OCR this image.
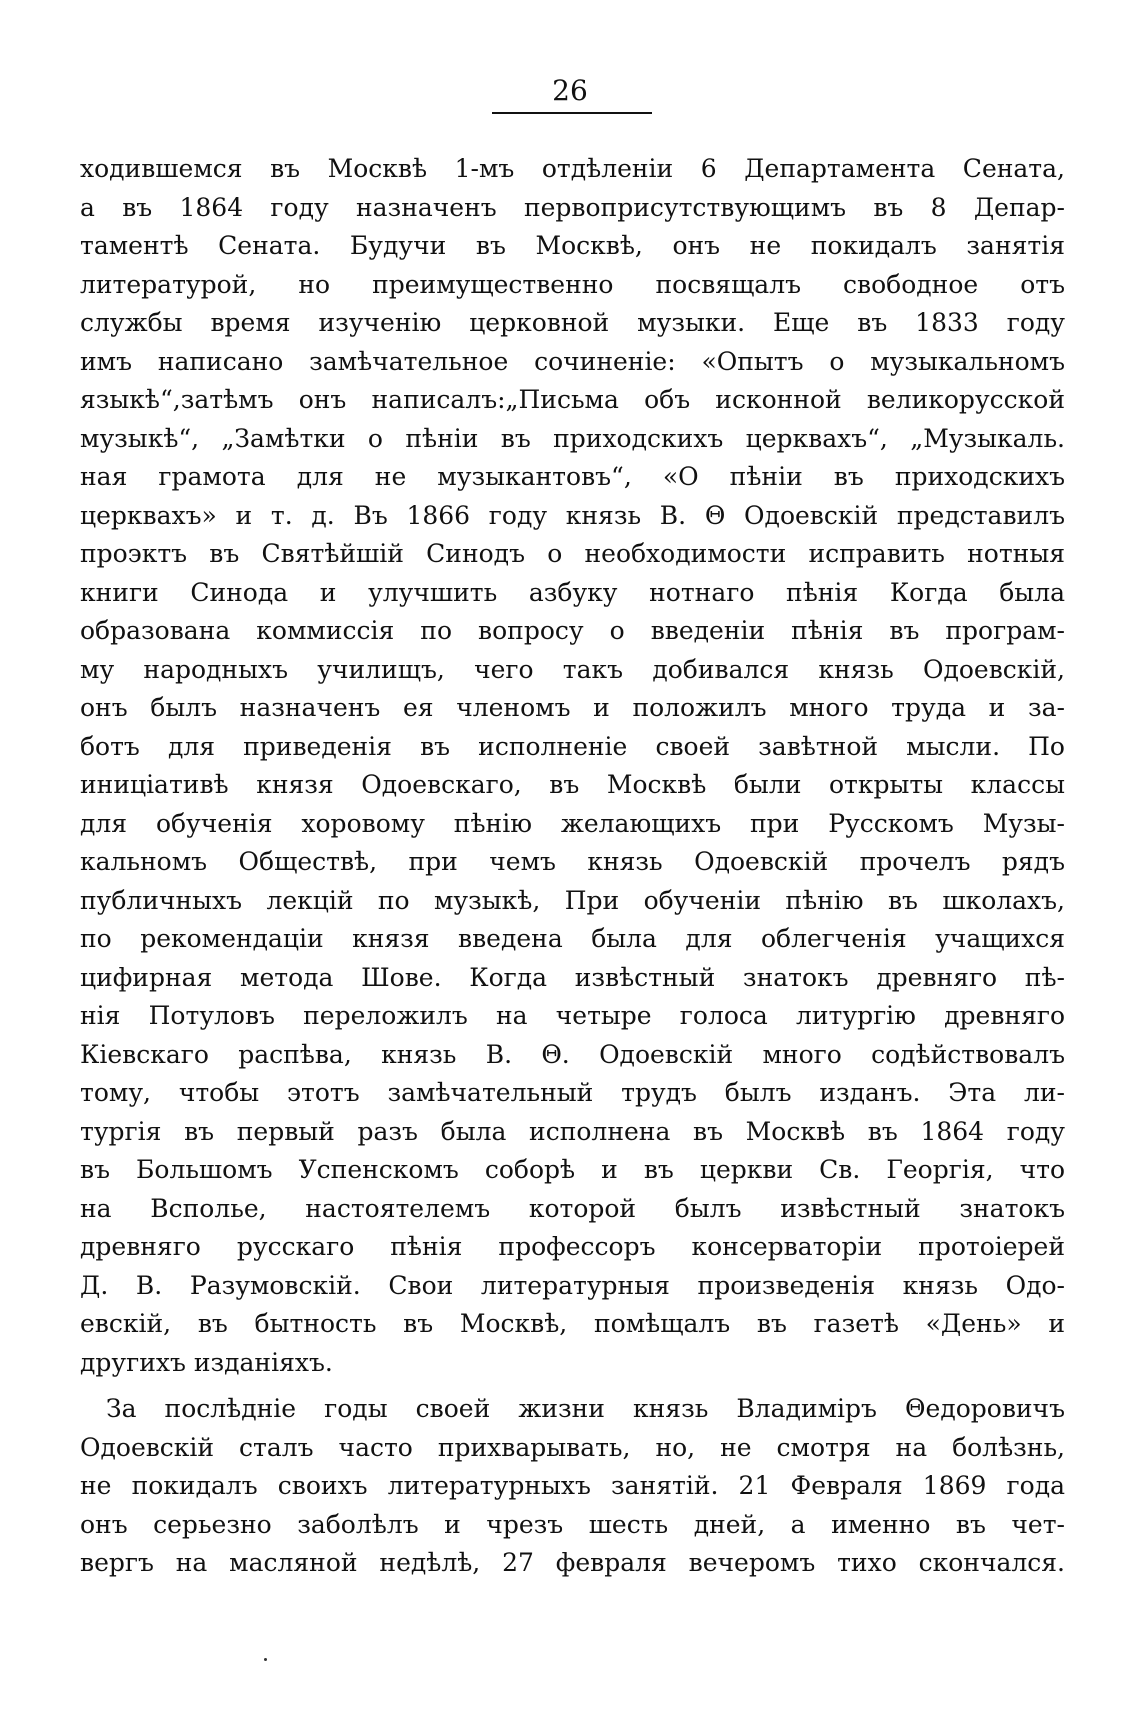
26
ходившемся въ Москвѣ 1-мъ отдѣленіи 6 Департамента Сената,
а въ 1864 году назначенъ первоприсутствующимъ въ 8 Депар-
таментѣ Сената. Будучи въ Москвѣ, онъ не покидалъ занятія
литературой, но преимущественно посвящалъ свободное отъ
службы время изученію церковной музыки. Еще въ 1833 году
имъ написано замѣчательное сочиненіе: «Опытъ о музыкальномъ
языкѣ“,затѣмъ онъ написалъ:„Письма объ исконной великорусской
музыкѣ“, „Замѣтки о пѣніи въ приходскихъ церквахъ“, „Музыкаль.
ная грамота для не музыкантовъ“, «О пѣніи въ приходскихъ
церквахъ» и т. д. Въ 1866 году князь В. Θ Одоевскій представилъ
проэктъ въ Святѣйшій Синодъ о необходимости исправить нотныя
книги Синода и улучшить азбуку нотнаго пѣнія Когда была
образована коммиссія по вопросу о введеніи пѣнія въ програм-
му народныхъ училищъ, чего такъ добивался князь Одоевскій,
онъ былъ назначенъ ея членомъ и положилъ много труда и за-
ботъ для приведенія въ исполненіе своей завѣтной мысли. По
иниціативѣ князя Одоевскаго, въ Москвѣ были открыты классы
для обученія хоровому пѣнію желающихъ при Русскомъ Музы-
кальномъ Обществѣ, при чемъ князь Одоевскій прочелъ рядъ
публичныхъ лекцій по музыкѣ, При обученіи пѣнію въ школахъ,
по рекомендаціи князя введена была для облегченія учащихся
цифирная метода Шове. Когда извѣстный знатокъ древняго пѣ-
нія Потуловъ переложилъ на четыре голоса литургію древняго
Кіевскаго распѣва, князь В. Θ. Одоевскій много содѣйствовалъ
тому, чтобы этотъ замѣчательный трудъ былъ изданъ. Эта ли-
тургія въ первый разъ была исполнена въ Москвѣ въ 1864 году
въ Большомъ Успенскомъ соборѣ и въ церкви Св. Георгія, что
на Всполье, настоятелемъ которой былъ извѣстный знатокъ
древняго русскаго пѣнія профессоръ консерваторіи протоіерей
Д. В. Разумовскій. Свои литературныя произведенія князь Одо-
евскій, въ бытность въ Москвѣ, помѣщалъ въ газетѣ «День» и
другихъ изданіяхъ.
За послѣдніе годы своей жизни князь Владиміръ Θедоровичъ
Одоевскій сталъ часто прихварывать, но, не смотря на болѣзнь,
не покидалъ своихъ литературныхъ занятій. 21 Февраля 1869 года
онъ серьезно заболѣлъ и чрезъ шесть дней, а именно въ чет-
вергъ на масляной недѣлѣ, 27 февраля вечеромъ тихо скончался.
